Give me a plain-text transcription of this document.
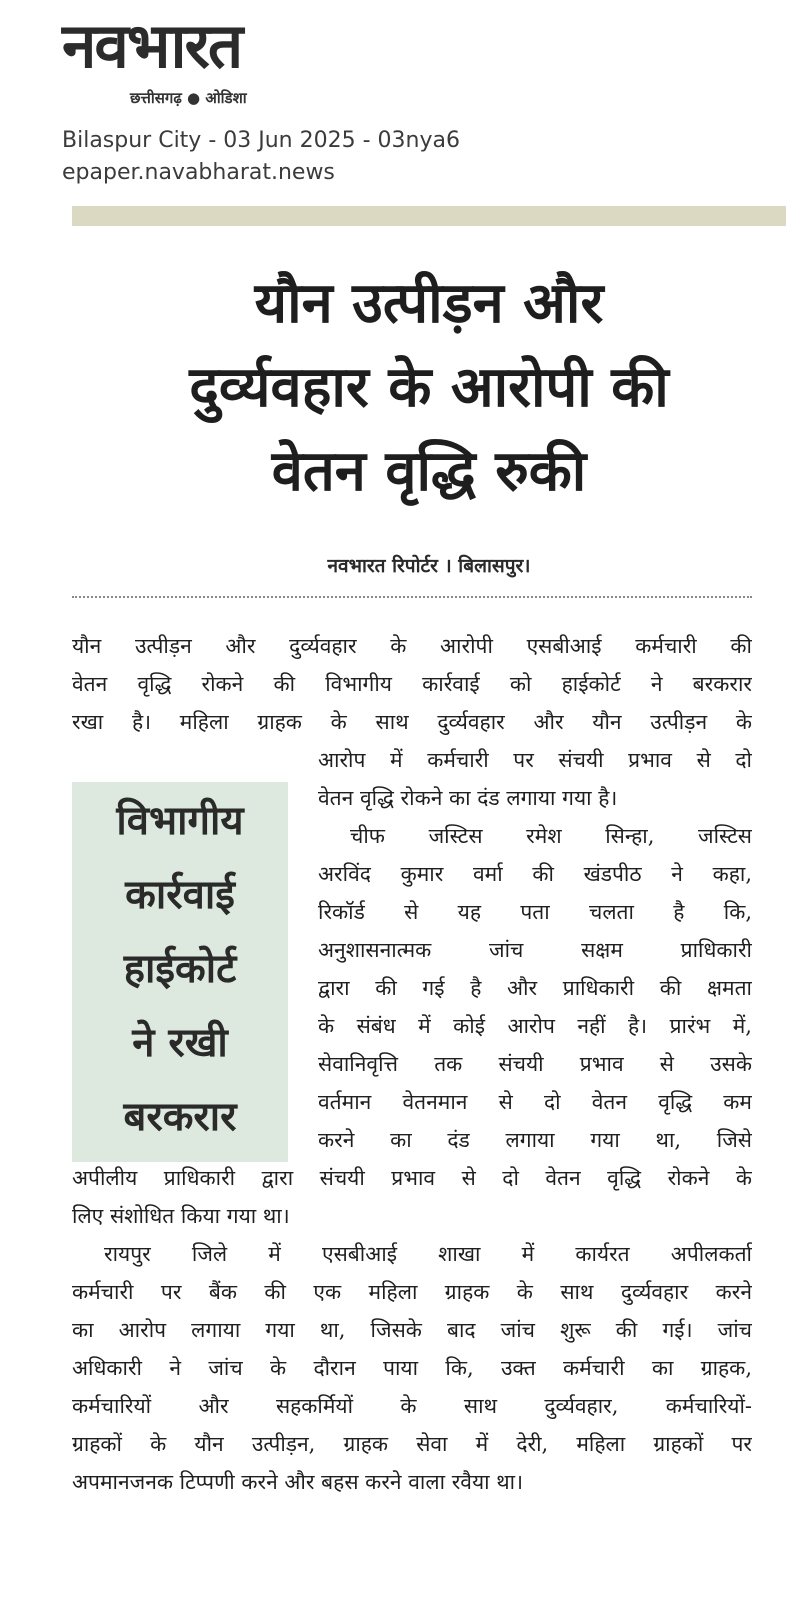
नवभारत
छत्तीसगढ़ ● ओडिशा
Bilaspur City - 03 Jun 2025 - 03nya6
epaper.navabharat.news
यौन उत्पीड़न और
दुर्व्यवहार के आरोपी की
वेतन वृद्धि रुकी
नवभारत रिपोर्टर । बिलासपुर।
विभागीय
कार्रवाई
हाईकोर्ट
ने रखी
बरकरार
यौन उत्पीड़न और दुर्व्यवहार के आरोपी एसबीआई कर्मचारी की
वेतन वृद्धि रोकने की विभागीय कार्रवाई को हाईकोर्ट ने बरकरार
रखा है। महिला ग्राहक के साथ दुर्व्यवहार और यौन उत्पीड़न के
आरोप में कर्मचारी पर संचयी प्रभाव से दो
वेतन वृद्धि रोकने का दंड लगाया गया है।
चीफ जस्टिस रमेश सिन्हा, जस्टिस
अरविंद कुमार वर्मा की खंडपीठ ने कहा,
रिकॉर्ड से यह पता चलता है कि,
अनुशासनात्मक जांच सक्षम प्राधिकारी
द्वारा की गई है और प्राधिकारी की क्षमता
के संबंध में कोई आरोप नहीं है। प्रारंभ में,
सेवानिवृत्ति तक संचयी प्रभाव से उसके
वर्तमान वेतनमान से दो वेतन वृद्धि कम
करने का दंड लगाया गया था, जिसे
अपीलीय प्राधिकारी द्वारा संचयी प्रभाव से दो वेतन वृद्धि रोकने के
लिए संशोधित किया गया था।
रायपुर जिले में एसबीआई शाखा में कार्यरत अपीलकर्ता
कर्मचारी पर बैंक की एक महिला ग्राहक के साथ दुर्व्यवहार करने
का आरोप लगाया गया था, जिसके बाद जांच शुरू की गई। जांच
अधिकारी ने जांच के दौरान पाया कि, उक्त कर्मचारी का ग्राहक,
कर्मचारियों और सहकर्मियों के साथ दुर्व्यवहार, कर्मचारियों-
ग्राहकों के यौन उत्पीड़न, ग्राहक सेवा में देरी, महिला ग्राहकों पर
अपमानजनक टिप्पणी करने और बहस करने वाला रवैया था।
